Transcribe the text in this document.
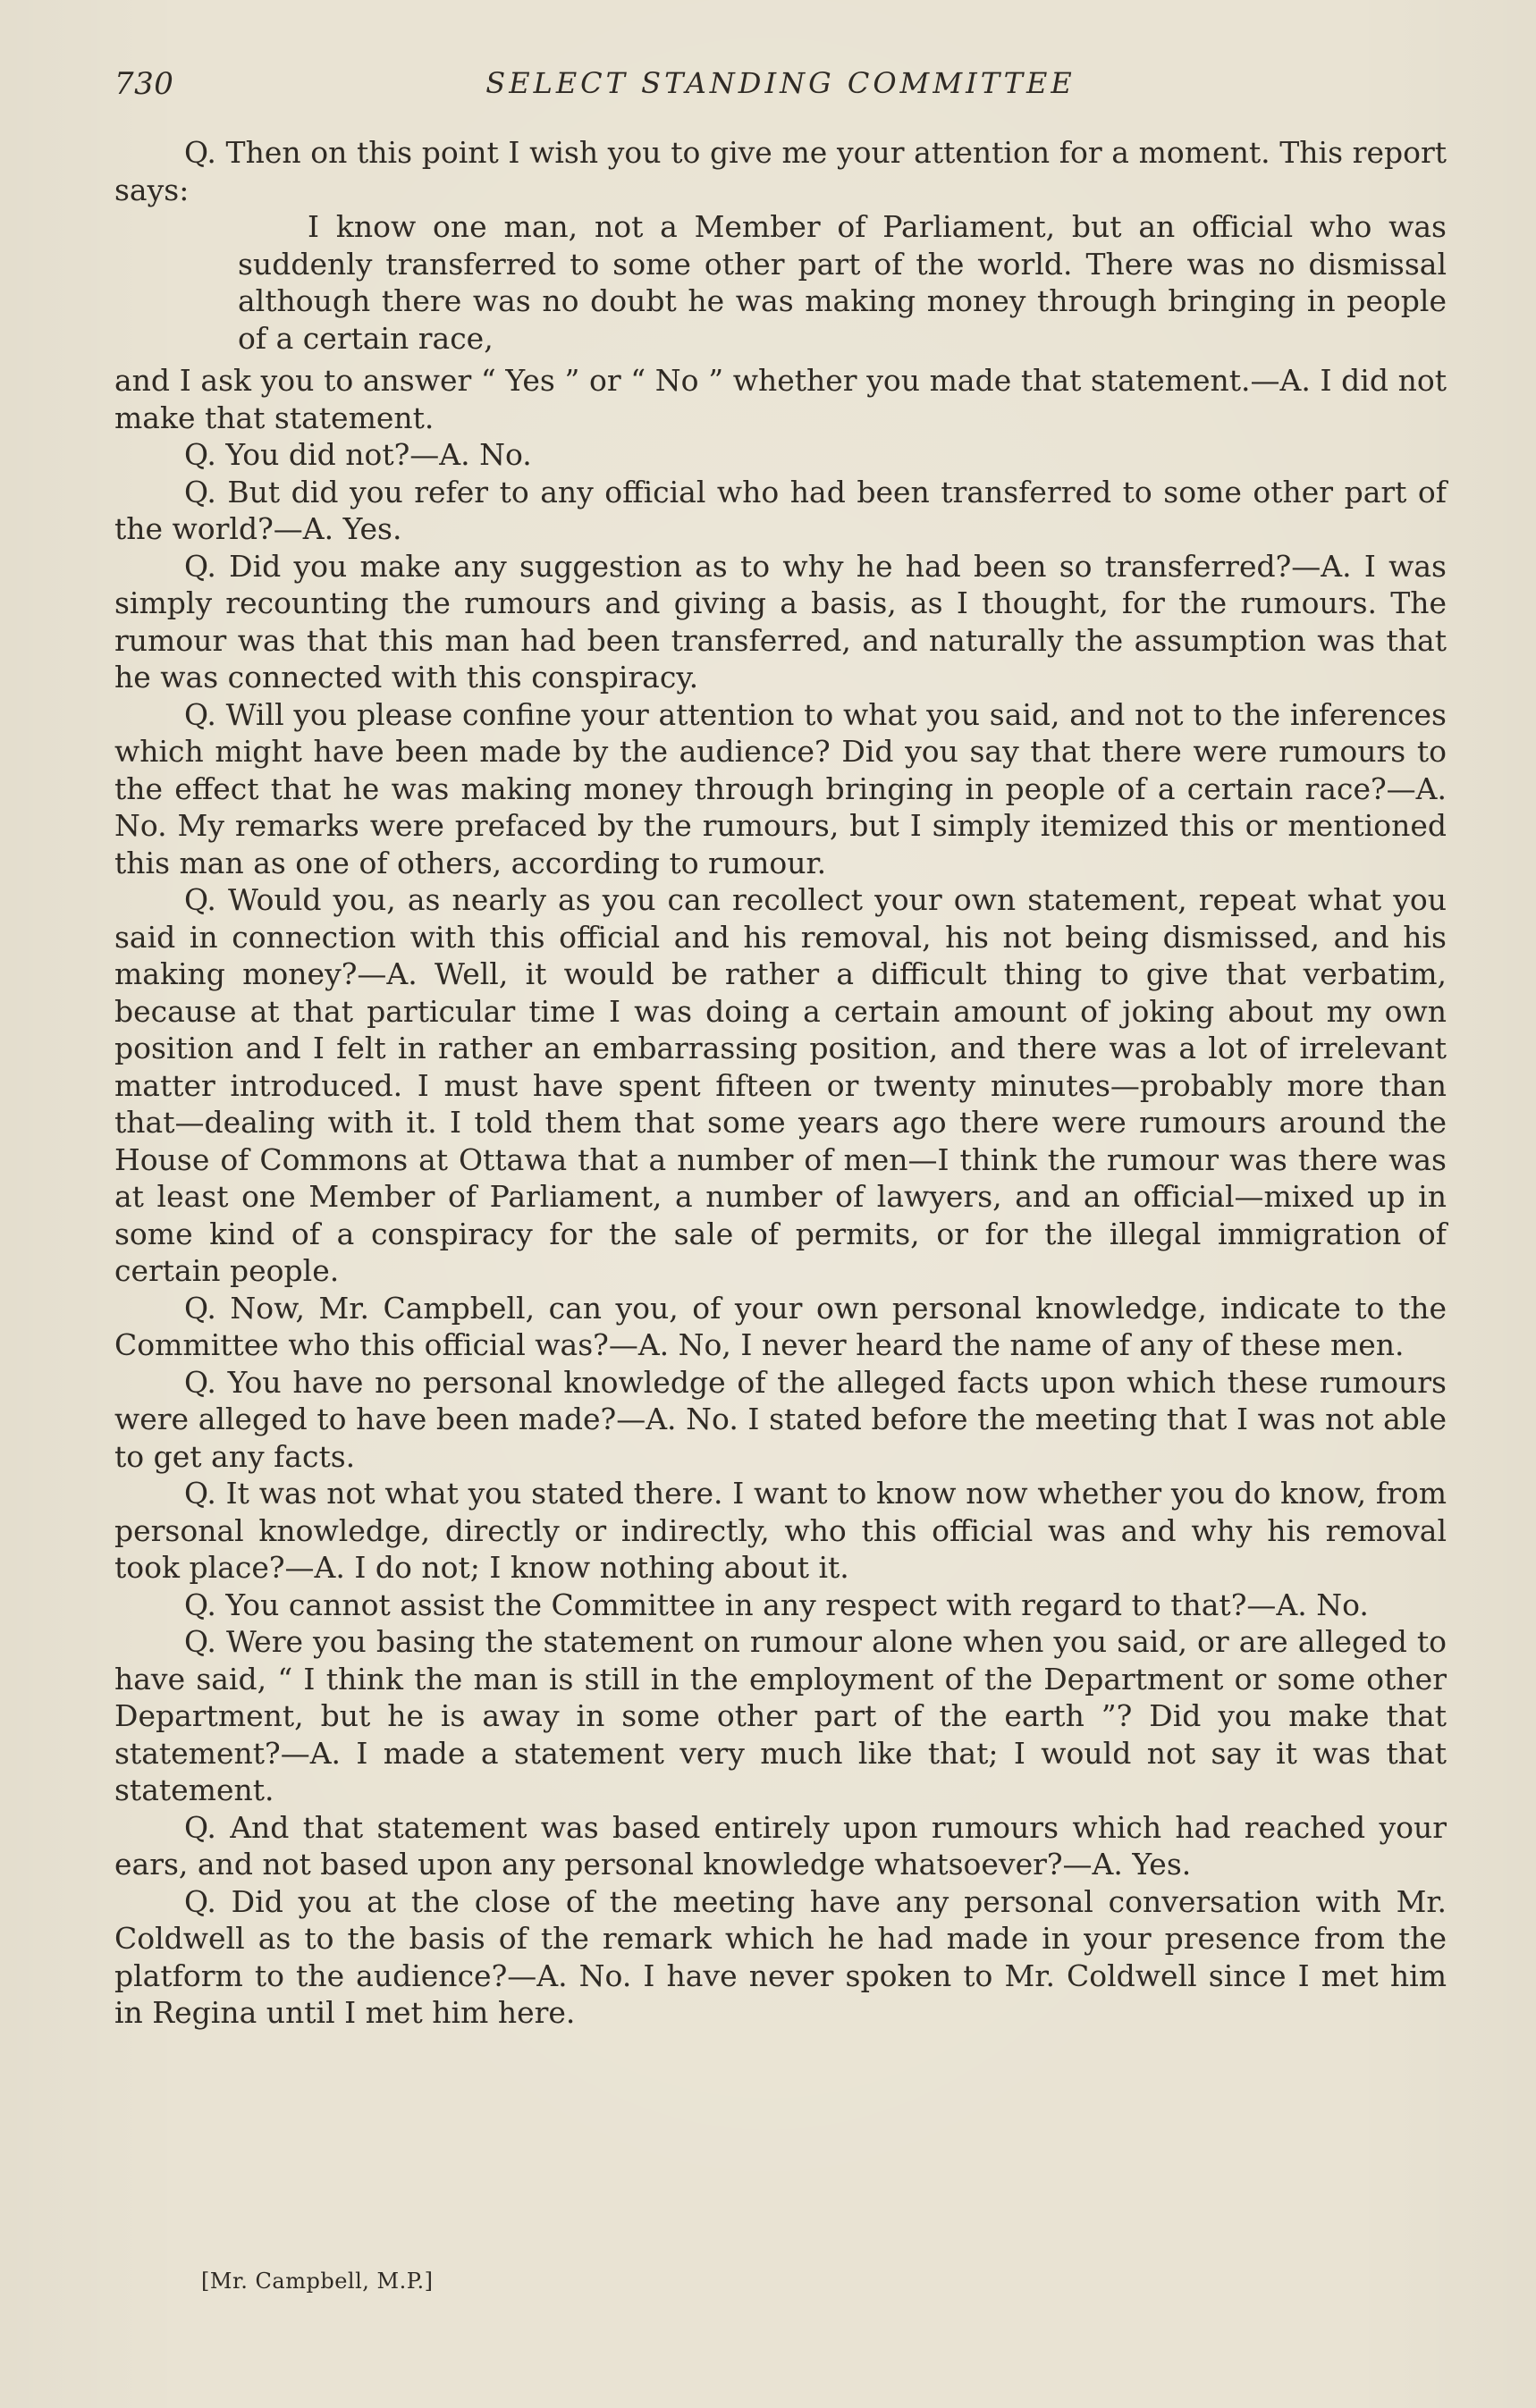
730	SELECT STANDING COMMITTEE

Q. Then on this point I wish you to give me your attention for a moment. This report says:

I know one man, not a Member of Parliament, but an official who was suddenly transferred to some other part of the world. There was no dismissal although there was no doubt he was making money through bringing in people of a certain race,

and I ask you to answer “ Yes ” or “ No ” whether you made that statement.—A. I did not make that statement.

Q. You did not?—A. No.

Q. But did you refer to any official who had been transferred to some other part of the world?—A. Yes.

Q. Did you make any suggestion as to why he had been so transferred?—A. I was simply recounting the rumours and giving a basis, as I thought, for the rumours. The rumour was that this man had been transferred, and naturally the assumption was that he was connected with this conspiracy.

Q. Will you please confine your attention to what you said, and not to the inferences which might have been made by the audience? Did you say that there were rumours to the effect that he was making money through bringing in people of a certain race?—A. No. My remarks were prefaced by the rumours, but I simply itemized this or mentioned this man as one of others, according to rumour.

Q. Would you, as nearly as you can recollect your own statement, repeat what you said in connection with this official and his removal, his not being dismissed, and his making money?—A. Well, it would be rather a difficult thing to give that verbatim, because at that particular time I was doing a certain amount of joking about my own position and I felt in rather an embarrassing position, and there was a lot of irrelevant matter introduced. I must have spent fifteen or twenty minutes—probably more than that—dealing with it. I told them that some years ago there were rumours around the House of Commons at Ottawa that a number of men—I think the rumour was there was at least one Member of Parliament, a number of lawyers, and an official—mixed up in some kind of a conspiracy for the sale of permits, or for the illegal immigration of certain people.

Q. Now, Mr. Campbell, can you, of your own personal knowledge, indicate to the Committee who this official was?—A. No, I never heard the name of any of these men.

Q. You have no personal knowledge of the alleged facts upon which these rumours were alleged to have been made?—A. No. I stated before the meeting that I was not able to get any facts.

Q. It was not what you stated there. I want to know now whether you do know, from personal knowledge, directly or indirectly, who this official was and why his removal took place?—A. I do not; I know nothing about it.

Q. You cannot assist the Committee in any respect with regard to that?—A. No.

Q. Were you basing the statement on rumour alone when you said, or are alleged to have said, “ I think the man is still in the employment of the Department or some other Department, but he is away in some other part of the earth ”? Did you make that statement?—A. I made a statement very much like that; I would not say it was that statement.

Q. And that statement was based entirely upon rumours which had reached your ears, and not based upon any personal knowledge whatsoever?—A. Yes.

Q. Did you at the close of the meeting have any personal conversation with Mr. Coldwell as to the basis of the remark which he had made in your presence from the platform to the audience?—A. No. I have never spoken to Mr. Coldwell since I met him in Regina until I met him here.

[Mr. Campbell, M.P.]
